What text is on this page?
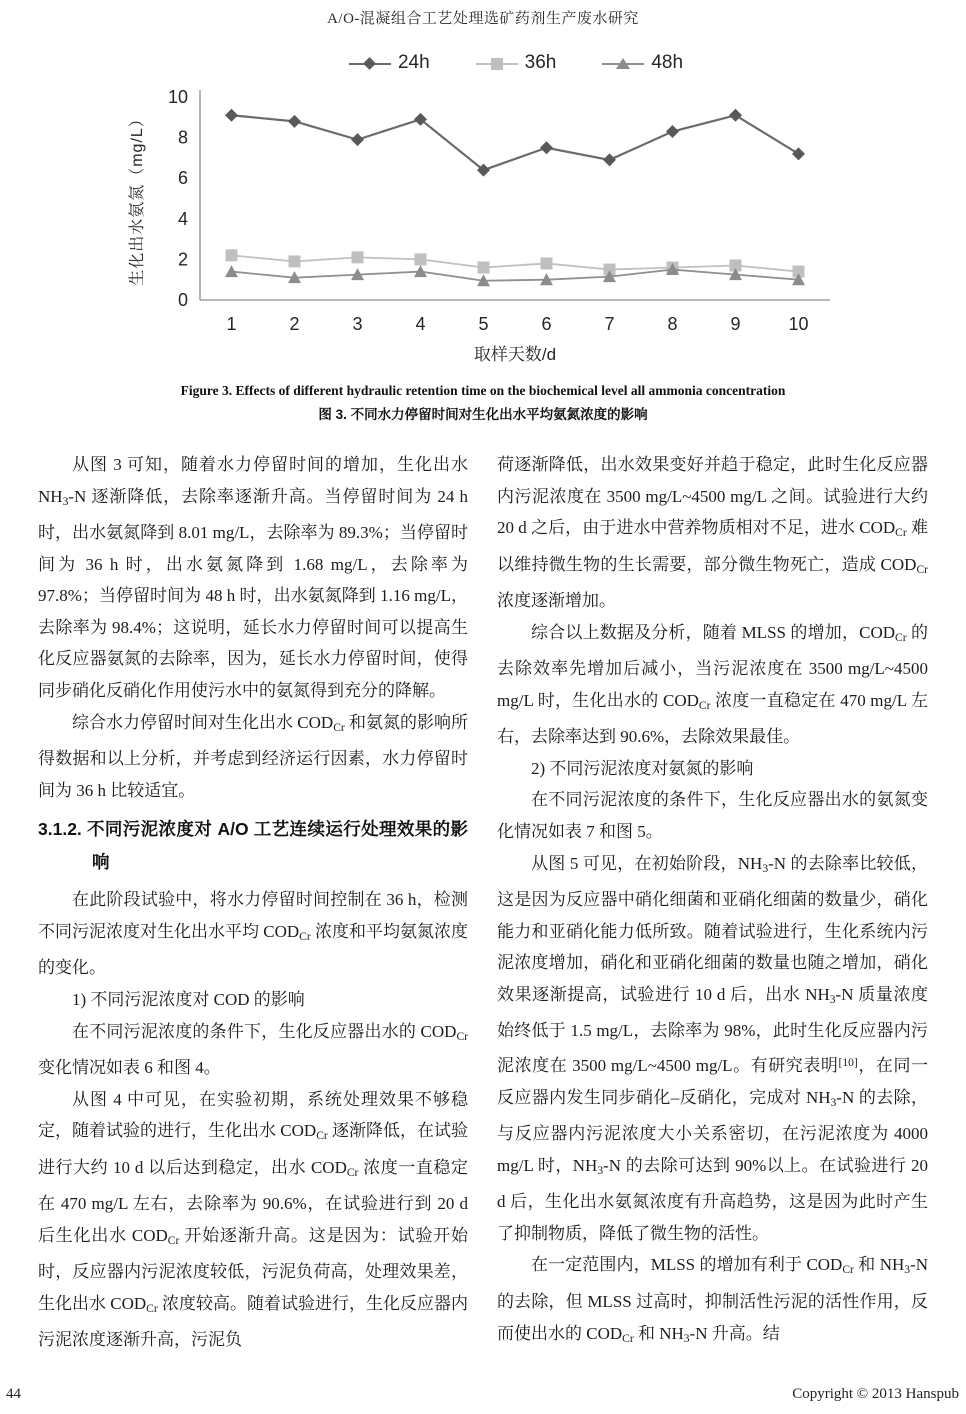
A/O-混凝组合工艺处理选矿药剂生产废水研究
24h	36h	48h
0
2
4
6
8
10
1	2	3	4	5	6	7	8	9	10
取样天数/d
生化出水氨氮（mg/L）
Figure 3. Effects of different hydraulic retention time on the biochemical level all ammonia concentration
图 3. 不同水力停留时间对生化出水平均氨氮浓度的影响
从图 3 可知，随着水力停留时间的增加，生化出水 $NH_3-N$ 逐渐降低，去除率逐渐升高。当停留时间为 24 h 时，出水氨氮降到 8.01 mg/L，去除率为 89.3%；当停留时间为 36 h 时，出水氨氮降到 1.68 mg/L，去除率为 97.8%；当停留时间为 48 h 时，出水氨氮降到 1.16 mg/L，去除率为 98.4%；这说明，延长水力停留时间可以提高生化反应器氨氮的去除率，因为，延长水力停留时间，使得同步硝化反硝化作用使污水中的氨氮得到充分的降解。
综合水力停留时间对生化出水 $COD_{Cr}$ 和氨氮的影响所得数据和以上分析，并考虑到经济运行因素，水力停留时间为 36 h 比较适宜。
3.1.2. 不同污泥浓度对 A/O 工艺连续运行处理效果的影响
在此阶段试验中，将水力停留时间控制在 36 h，检测不同污泥浓度对生化出水平均 $COD_{Cr}$ 浓度和平均氨氮浓度的变化。
1) 不同污泥浓度对 COD 的影响
在不同污泥浓度的条件下，生化反应器出水的 $COD_{Cr}$ 变化情况如表 6 和图 4。
从图 4 中可见，在实验初期，系统处理效果不够稳定，随着试验的进行，生化出水 $COD_{Cr}$ 逐渐降低，在试验进行大约 10 d 以后达到稳定，出水 $COD_{Cr}$ 浓度一直稳定在 470 mg/L 左右，去除率为 90.6%，在试验进行到 20 d 后生化出水 $COD_{Cr}$ 开始逐渐升高。这是因为：试验开始时，反应器内污泥浓度较低，污泥负荷高，处理效果差，生化出水 $COD_{Cr}$ 浓度较高。随着试验进行，生化反应器内污泥浓度逐渐升高，污泥负
荷逐渐降低，出水效果变好并趋于稳定，此时生化反应器内污泥浓度在 3500 mg/L~4500 mg/L 之间。试验进行大约 20 d 之后，由于进水中营养物质相对不足，进水 $COD_{Cr}$ 难以维持微生物的生长需要，部分微生物死亡，造成 $COD_{Cr}$ 浓度逐渐增加。
综合以上数据及分析，随着 MLSS 的增加，$COD_{Cr}$ 的去除效率先增加后减小，当污泥浓度在 3500 mg/L~4500 mg/L 时，生化出水的 $COD_{Cr}$ 浓度一直稳定在 470 mg/L 左右，去除率达到 90.6%，去除效果最佳。
2) 不同污泥浓度对氨氮的影响
在不同污泥浓度的条件下，生化反应器出水的氨氮变化情况如表 7 和图 5。
从图 5 可见，在初始阶段，$NH_3-N$ 的去除率比较低，这是因为反应器中硝化细菌和亚硝化细菌的数量少，硝化能力和亚硝化能力低所致。随着试验进行，生化系统内污泥浓度增加，硝化和亚硝化细菌的数量也随之增加，硝化效果逐渐提高，试验进行 10 d 后，出水 $NH_3-N$ 质量浓度始终低于 1.5 mg/L，去除率为 98%，此时生化反应器内污泥浓度在 3500 mg/L~4500 mg/L。有研究表明[10]，在同一反应器内发生同步硝化–反硝化，完成对 $NH_3-N$ 的去除，与反应器内污泥浓度大小关系密切，在污泥浓度为 4000 mg/L 时，$NH_3-N$ 的去除可达到 90%以上。在试验进行 20 d 后，生化出水氨氮浓度有升高趋势，这是因为此时产生了抑制物质，降低了微生物的活性。
在一定范围内，MLSS 的增加有利于 $COD_{Cr}$ 和 $NH_3-N$ 的去除，但 MLSS 过高时，抑制活性污泥的活性作用，反而使出水的 $COD_{Cr}$ 和 $NH_3-N$ 升高。结
44	Copyright © 2013 Hanspub
